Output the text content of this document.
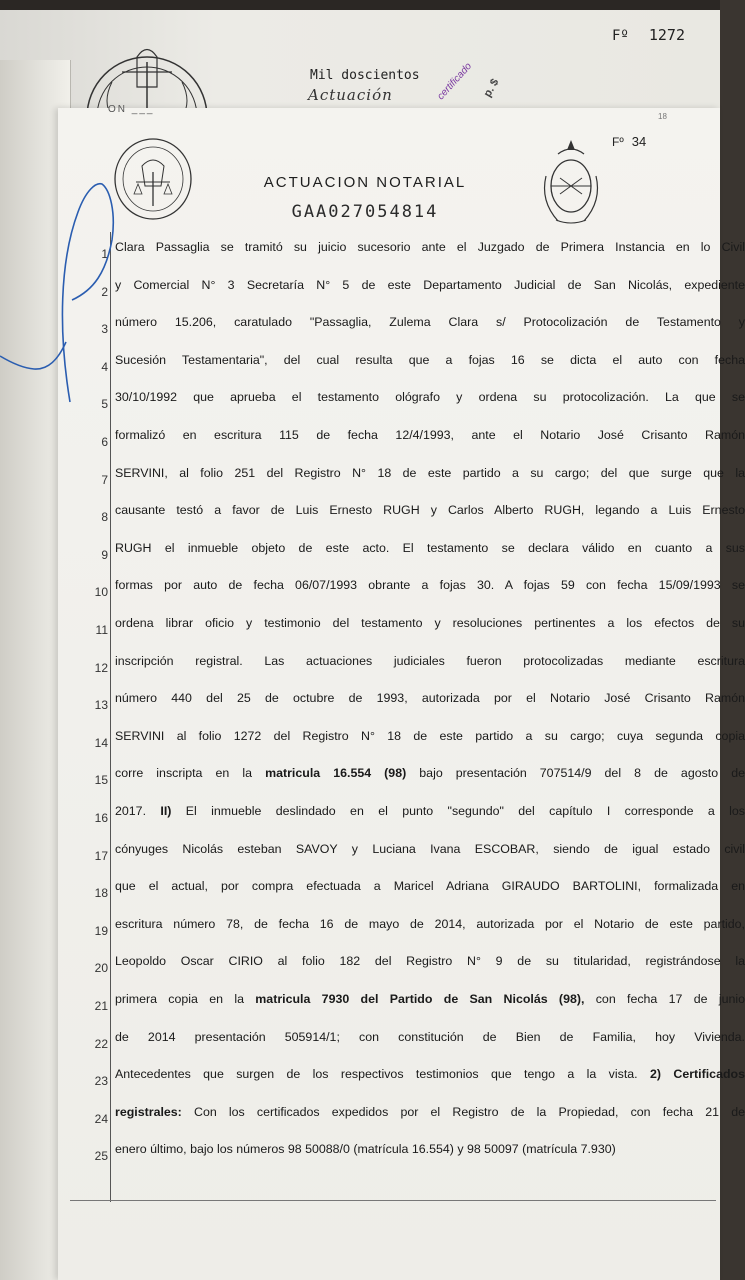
Fº 1272
Mil doscientos
Actuación	certificado p. $
ON ___
18
Fº 34
ACTUACION NOTARIAL
GAA027054814
1 Clara Passaglia se tramitó su juicio sucesorio ante el Juzgado de Primera Instancia en lo Civil
2 y Comercial N° 3 Secretaría N° 5 de este Departamento Judicial de San Nicolás, expediente
3 número 15.206, caratulado "Passaglia, Zulema Clara s/ Protocolización de Testamento y
4 Sucesión Testamentaria", del cual resulta que a fojas 16 se dicta el auto con fecha
5 30/10/1992 que aprueba el testamento ológrafo y ordena su protocolización. La que se
6 formalizó en escritura 115 de fecha 12/4/1993, ante el Notario José Crisanto Ramón
7 SERVINI, al folio 251 del Registro N° 18 de este partido a su cargo; del que surge que la
8 causante testó a favor de Luis Ernesto RUGH y Carlos Alberto RUGH, legando a Luis Ernesto
9 RUGH el inmueble objeto de este acto. El testamento se declara válido en cuanto a sus
10 formas por auto de fecha 06/07/1993 obrante a fojas 30. A fojas 59 con fecha 15/09/1993 se
11 ordena librar oficio y testimonio del testamento y resoluciones pertinentes a los efectos de su
12 inscripción registral. Las actuaciones judiciales fueron protocolizadas mediante escritura
13 número 440 del 25 de octubre de 1993, autorizada por el Notario José Crisanto Ramón
14 SERVINI al folio 1272 del Registro N° 18 de este partido a su cargo; cuya segunda copia
15 corre inscripta en la matricula 16.554 (98) bajo presentación 707514/9 del 8 de agosto de
16 2017. II) El inmueble deslindado en el punto "segundo" del capítulo I corresponde a los
17 cónyuges Nicolás esteban SAVOY y Luciana Ivana ESCOBAR, siendo de igual estado civil
18 que el actual, por compra efectuada a Maricel Adriana GIRAUDO BARTOLINI, formalizada en
19 escritura número 78, de fecha 16 de mayo de 2014, autorizada por el Notario de este partido,
20 Leopoldo Oscar CIRIO al folio 182 del Registro N° 9 de su titularidad, registrándose la
21 primera copia en la matricula 7930 del Partido de San Nicolás (98), con fecha 17 de junio
22 de 2014 presentación 505914/1; con constitución de Bien de Familia, hoy Vivienda.
23 Antecedentes que surgen de los respectivos testimonios que tengo a la vista. 2) Certificados
24 registrales: Con los certificados expedidos por el Registro de la Propiedad, con fecha 21 de
25 enero último, bajo los números 98 50088/0 (matrícula 16.554) y 98 50097 (matrícula 7.930)
